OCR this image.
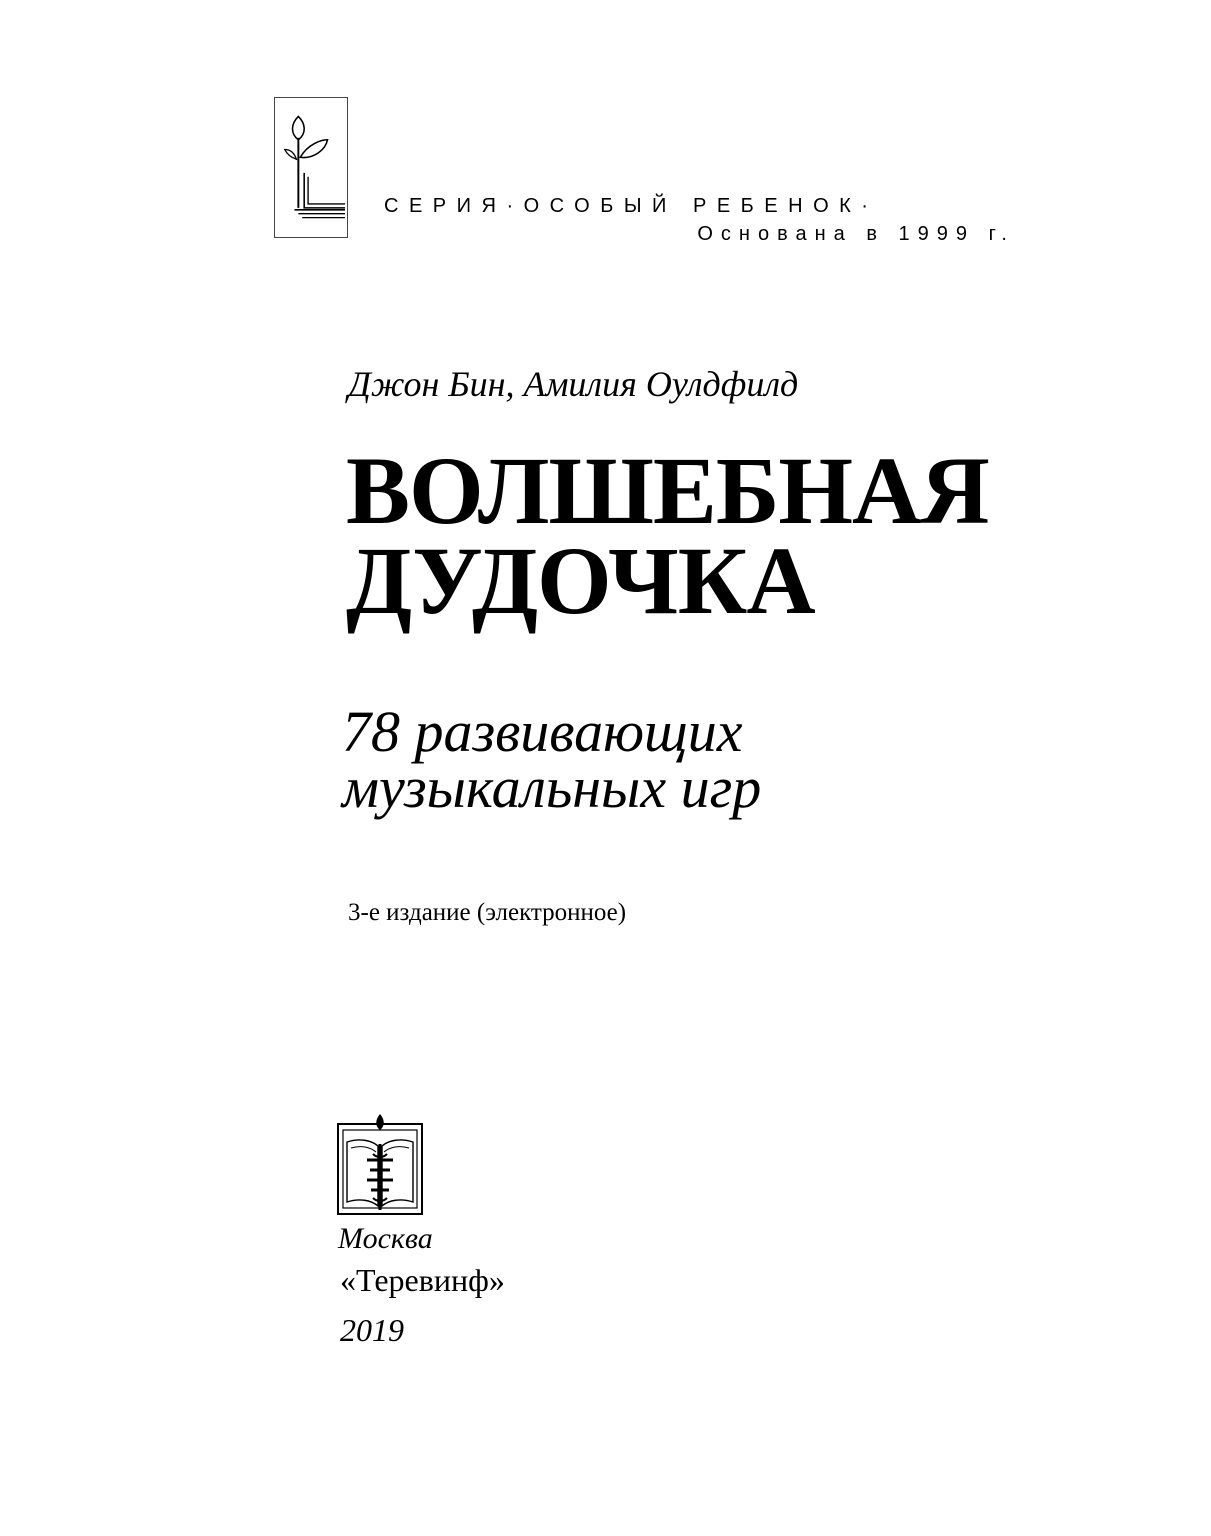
СЕРИЯ·ОСОБЫЙ РЕБЕНОК·
Основана в 1999 г.
Джон Бин, Амилия Оулдфилд
ВОЛШЕБНАЯ
ДУДОЧКА
78 развивающих
музыкальных игр
3-е издание (электронное)
Москва
«Теревинф»
2019
